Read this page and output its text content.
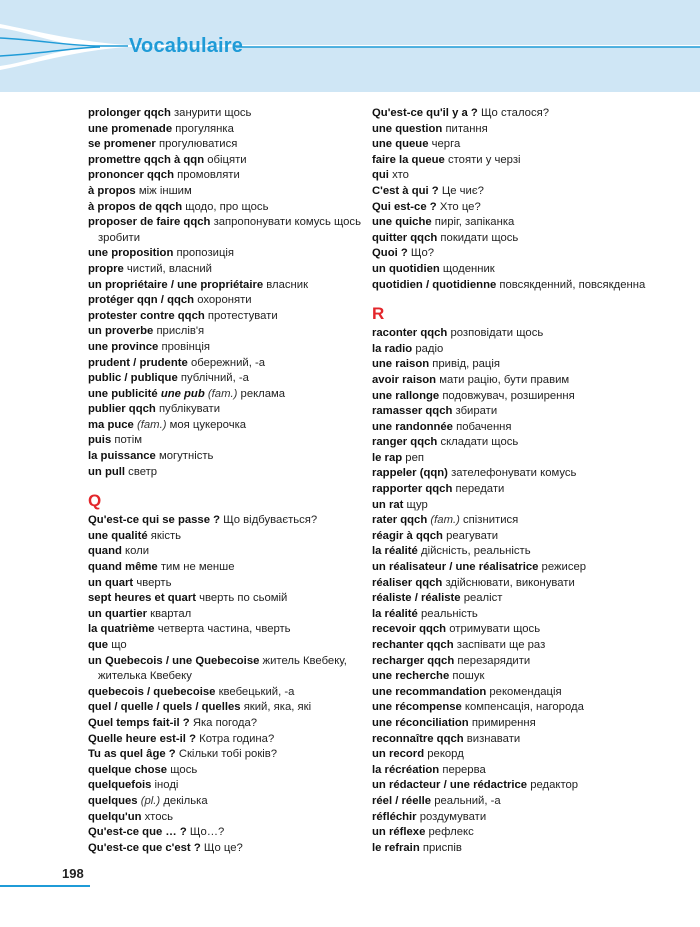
Vocabulaire
prolonger qqch занурити щось
une promenade прогулянка
se promener прогулюватися
promettre qqch à qqn обіцяти
prononcer qqch промовляти
à propos між іншим
à propos de qqch щодо, про щось
proposer de faire qqch запропонувати комусь щось
зробити
une proposition пропозиція
propre чистий, власний
un propriétaire / une propriétaire власник
protéger qqn / qqch охороняти
protester contre qqch протестувати
un proverbe прислів'я
une province провінція
prudent / prudente обережний, -а
public / publique публічний, -а
une publicité une pub (fam.) реклама
publier qqch публікувати
ma puce (fam.) моя цукерочка
puis потім
la puissance могутність
un pull светр
Q
Qu'est-ce qui se passe ? Що відбувається?
une qualité якість
quand коли
quand même тим не менше
un quart чверть
sept heures et quart чверть по сьомій
un quartier квартал
la quatrième четверта частина, чверть
que що
un Quebecois / une Quebecoise житель Квебеку,
жителька Квебеку
quebecois / quebecoise квебецький, -а
quel / quelle / quels / quelles який, яка, які
Quel temps fait-il ? Яка погода?
Quelle heure est-il ? Котра година?
Tu as quel âge ? Скільки тобі років?
quelque chose щось
quelquefois іноді
quelques (pl.) декілька
quelqu'un хтось
Qu'est-ce que … ? Що…?
Qu'est-ce que c'est ? Що це?
Qu'est-ce qu'il y a ? Що сталося?
une question питання
une queue черга
faire la queue стояти у черзі
qui хто
C'est à qui ? Це чиє?
Qui est-ce ? Хто це?
une quiche пиріг, запіканка
quitter qqch покидати щось
Quoi ? Що?
un quotidien щоденник
quotidien / quotidienne повсякденний, повсякденна
R
raconter qqch розповідати щось
la radio радіо
une raison привід, рація
avoir raison мати рацію, бути правим
une rallonge подовжувач, розширення
ramasser qqch збирати
une randonnée побачення
ranger qqch складати щось
le rap реп
rappeler (qqn) зателефонувати комусь
rapporter qqch передати
un rat щур
rater qqch (fam.) спізнитися
réagir à qqch реагувати
la réalité дійсність, реальність
un réalisateur / une réalisatrice режисер
réaliser qqch здійснювати, виконувати
réaliste / réaliste реаліст
la réalité реальність
recevoir qqch отримувати щось
rechanter qqch заспівати ще раз
recharger qqch перезарядити
une recherche пошук
une recommandation рекомендація
une récompense компенсація, нагорода
une réconciliation примирення
reconnaître qqch визнавати
un record рекорд
la récréation перерва
un rédacteur / une rédactrice редактор
réel / réelle реальний, -а
réfléchir роздумувати
un réflexe рефлекс
le refrain приспів
198
